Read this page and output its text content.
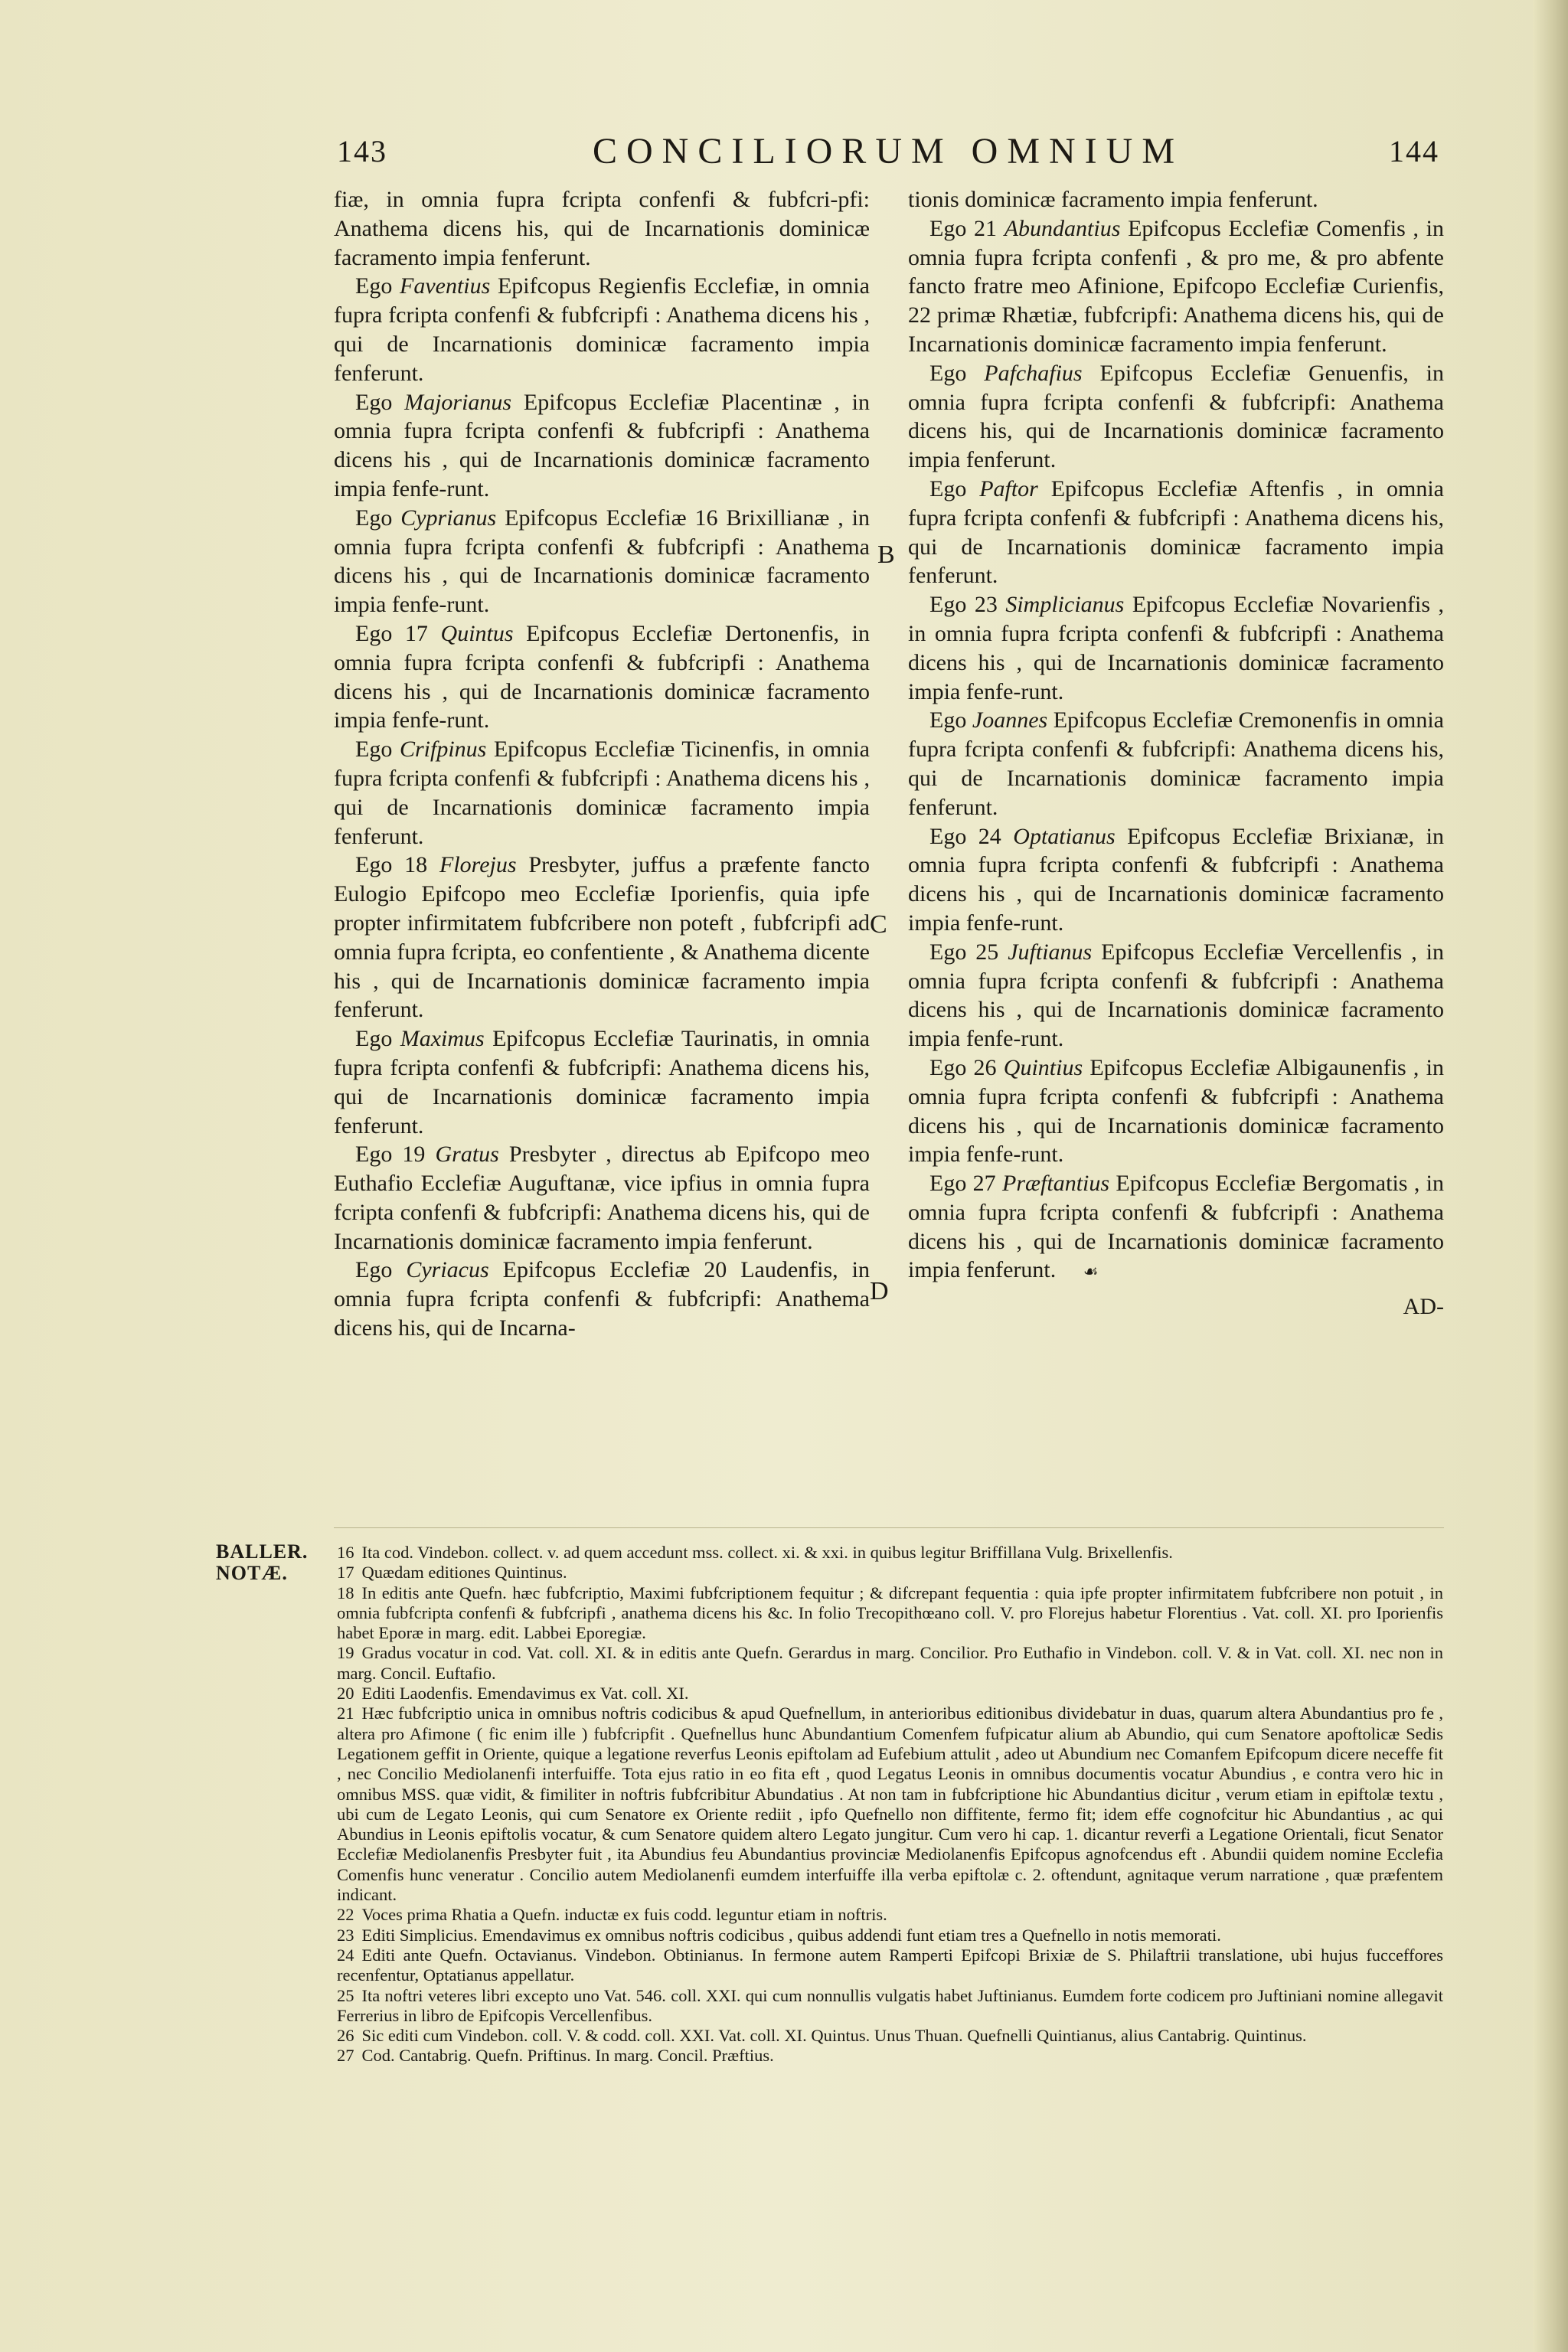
143	CONCILIORUM OMNIUM	144

fiæ, in omnia fupra fcripta confenfi & fubfcri-pfi: Anathema dicens his, qui de Incarnationis dominicæ facramento impia fenferunt.

Ego Faventius Epifcopus Regienfis Ecclefiæ, in omnia fupra fcripta confenfi & fubfcripfi : Anathema dicens his , qui de Incarnationis dominicæ facramento impia fenferunt.

Ego Majorianus Epifcopus Ecclefiæ Placentinæ , in omnia fupra fcripta confenfi & fubfcripfi : Anathema dicens his , qui de Incarnationis dominicæ facramento impia fenfe-runt.

Ego Cyprianus Epifcopus Ecclefiæ 16 Brixillianæ , in omnia fupra fcripta confenfi & fubfcripfi : Anathema dicens his , qui de Incarnationis dominicæ facramento impia fenfe-runt.

Ego 17 Quintus Epifcopus Ecclefiæ Dertonenfis, in omnia fupra fcripta confenfi & fubfcripfi : Anathema dicens his , qui de Incarnationis dominicæ facramento impia fenfe-runt.

Ego Crifpinus Epifcopus Ecclefiæ Ticinenfis, in omnia fupra fcripta confenfi & fubfcripfi : Anathema dicens his , qui de Incarnationis dominicæ facramento impia fenferunt.

Ego 18 Florejus Presbyter, juffus a præfente fancto Eulogio Epifcopo meo Ecclefiæ Iporienfis, quia ipfe propter infirmitatem fubfcribere non poteft , fubfcripfi ad omnia fupra fcripta, eo confentiente , & Anathema dicente his , qui de Incarnationis dominicæ facramento impia fenferunt.

Ego Maximus Epifcopus Ecclefiæ Taurinatis, in omnia fupra fcripta confenfi & fubfcripfi: Anathema dicens his, qui de Incarnationis dominicæ facramento impia fenferunt.

Ego 19 Gratus Presbyter , directus ab Epifcopo meo Euthafio Ecclefiæ Auguftanæ, vice ipfius in omnia fupra fcripta confenfi & fubfcripfi: Anathema dicens his, qui de Incarnationis dominicæ facramento impia fenferunt.

Ego Cyriacus Epifcopus Ecclefiæ 20 Laudenfis, in omnia fupra fcripta confenfi & fubfcripfi: Anathema dicens his, qui de Incarna-

tionis dominicæ facramento impia fenferunt.

Ego 21 Abundantius Epifcopus Ecclefiæ Comenfis , in omnia fupra fcripta confenfi , & pro me, & pro abfente fancto fratre meo Afinione, Epifcopo Ecclefiæ Curienfis, 22 primæ Rhætiæ, fubfcripfi: Anathema dicens his, qui de Incarnationis dominicæ facramento impia fenferunt.

Ego Pafchafius Epifcopus Ecclefiæ Genuenfis, in omnia fupra fcripta confenfi & fubfcripfi: Anathema dicens his, qui de Incarnationis dominicæ facramento impia fenferunt.

Ego Paftor Epifcopus Ecclefiæ Aftenfis , in omnia fupra fcripta confenfi & fubfcripfi : Anathema dicens his, qui de Incarnationis dominicæ facramento impia fenferunt.

Ego 23 Simplicianus Epifcopus Ecclefiæ Novarienfis , in omnia fupra fcripta confenfi & fubfcripfi : Anathema dicens his , qui de Incarnationis dominicæ facramento impia fenfe-runt.

Ego Joannes Epifcopus Ecclefiæ Cremonenfis in omnia fupra fcripta confenfi & fubfcripfi: Anathema dicens his, qui de Incarnationis dominicæ facramento impia fenferunt.

Ego 24 Optatianus Epifcopus Ecclefiæ Brixianæ, in omnia fupra fcripta confenfi & fubfcripfi : Anathema dicens his , qui de Incarnationis dominicæ facramento impia fenfe-runt.

Ego 25 Juftianus Epifcopus Ecclefiæ Vercellenfis , in omnia fupra fcripta confenfi & fubfcripfi : Anathema dicens his , qui de Incarnationis dominicæ facramento impia fenfe-runt.

Ego 26 Quintius Epifcopus Ecclefiæ Albigaunenfis , in omnia fupra fcripta confenfi & fubfcripfi : Anathema dicens his , qui de Incarnationis dominicæ facramento impia fenfe-runt.

Ego 27 Præftantius Epifcopus Ecclefiæ Bergomatis , in omnia fupra fcripta confenfi & fubfcripfi : Anathema dicens his , qui de Incarnationis dominicæ facramento impia fenferunt. ☙

AD-
B
C
D
BALLER. NOTÆ.

16 Ita cod. Vindebon. collect. v. ad quem accedunt mss. collect. xi. & xxi. in quibus legitur Briffillana Vulg. Brixellenfis.

17 Quædam editiones Quintinus.

18 In editis ante Quefn. hæc fubfcriptio, Maximi fubfcriptionem fequitur ; & difcrepant fequentia : quia ipfe propter infirmitatem fubfcribere non potuit , in omnia fubfcripta confenfi & fubfcripfi , anathema dicens his &c. In folio Trecopithœano coll. V. pro Florejus habetur Florentius . Vat. coll. XI. pro Iporienfis habet Eporæ in marg. edit. Labbei Eporegiæ.

19 Gradus vocatur in cod. Vat. coll. XI. & in editis ante Quefn. Gerardus in marg. Concilior. Pro Euthafio in Vindebon. coll. V. & in Vat. coll. XI. nec non in marg. Concil. Euftafio.

20 Editi Laodenfis. Emendavimus ex Vat. coll. XI.

21 Hæc fubfcriptio unica in omnibus noftris codicibus & apud Quefnellum, in anterioribus editionibus dividebatur in duas, quarum altera Abundantius pro fe , altera pro Afimone ( fic enim ille ) fubfcripfit . Quefnellus hunc Abundantium Comenfem fufpicatur alium ab Abundio, qui cum Senatore apoftolicæ Sedis Legationem geffit in Oriente, quique a legatione reverfus Leonis epiftolam ad Eufebium attulit , adeo ut Abundium nec Comanfem Epifcopum dicere neceffe fit , nec Concilio Mediolanenfi interfuiffe. Tota ejus ratio in eo fita eft , quod Legatus Leonis in omnibus documentis vocatur Abundius , e contra vero hic in omnibus MSS. quæ vidit, & fimiliter in noftris fubfcribitur Abundatius . At non tam in fubfcriptione hic Abundantius dicitur , verum etiam in epiftolæ textu , ubi cum de Legato Leonis, qui cum Senatore ex Oriente rediit , ipfo Quefnello non diffitente, fermo fit; idem effe cognofcitur hic Abundantius , ac qui Abundius in Leonis epiftolis vocatur, & cum Senatore quidem altero Legato jungitur. Cum vero hi cap. 1. dicantur reverfi a Legatione Orientali, ficut Senator Ecclefiæ Mediolanenfis Presbyter fuit , ita Abundius feu Abundantius provinciæ Mediolanenfis Epifcopus agnofcendus eft . Abundii quidem nomine Ecclefia Comenfis hunc veneratur . Concilio autem Mediolanenfi eumdem interfuiffe illa verba epiftolæ c. 2. oftendunt, agnitaque verum narratione , quæ præfentem indicant.

22 Voces prima Rhatia a Quefn. inductæ ex fuis codd. leguntur etiam in noftris.

23 Editi Simplicius. Emendavimus ex omnibus noftris codicibus , quibus addendi funt etiam tres a Quefnello in notis memorati.

24 Editi ante Quefn. Octavianus. Vindebon. Obtinianus. In fermone autem Ramperti Epifcopi Brixiæ de S. Philaftrii translatione, ubi hujus fucceffores recenfentur, Optatianus appellatur.

25 Ita noftri veteres libri excepto uno Vat. 546. coll. XXI. qui cum nonnullis vulgatis habet Juftinianus. Eumdem forte codicem pro Juftiniani nomine allegavit Ferrerius in libro de Epifcopis Vercellenfibus.

26 Sic editi cum Vindebon. coll. V. & codd. coll. XXI. Vat. coll. XI. Quintus. Unus Thuan. Quefnelli Quintianus, alius Cantabrig. Quintinus.

27 Cod. Cantabrig. Quefn. Priftinus. In marg. Concil. Præftius.
